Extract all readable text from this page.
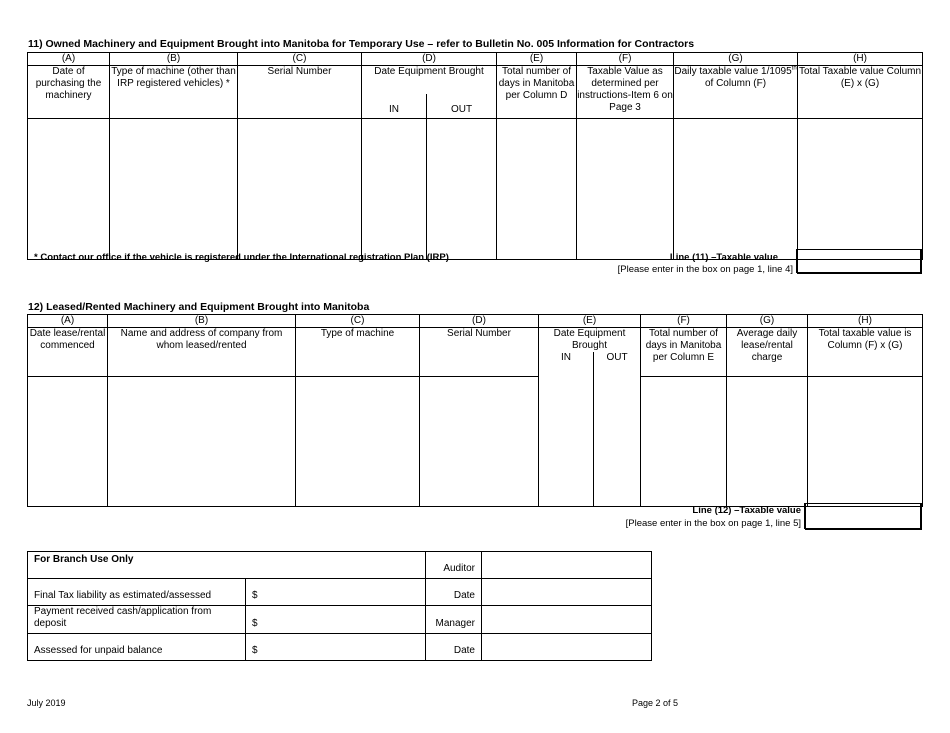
11) Owned Machinery and Equipment Brought into Manitoba for Temporary Use – refer to Bulletin No. 005 Information for Contractors
(A)	(B)	(C)	(D)		(E)	(F)	(G)	(H)
Date of purchasing the machinery	Type of machine (other than IRP registered vehicles) *	Serial Number	Date Equipment Brought		Total number of days in Manitoba per Column D	Taxable Value as determined per instructions-Item 6 on Page 3	Daily taxable value 1/1095th of Column (F)	Total Taxable value Column (E) x (G)
			IN	OUT				

* Contact our office if the vehicle is registered under the International registration Plan (IRP)	Line (11) –Taxable value
[Please enter in the box on page 1, line 4]
12) Leased/Rented Machinery and Equipment Brought into Manitoba
(A)	(B)	(C)	(D)	(E)		(F)	(G)	(H)
Date lease/rental commenced	Name and address of company from whom leased/rented	Type of machine	Serial Number	Date Equipment Brought		Total number of days in Manitoba per Column E	Average daily lease/rental charge	Total taxable value is Column (F) x (G)
				IN	OUT			

Line (12) –Taxable value
[Please enter in the box on page 1, line 5]
For Branch Use Only		Auditor	
Final Tax liability as estimated/assessed	$	Date	
Payment received cash/application from deposit	$	Manager	
Assessed for unpaid balance	$	Date	
July 2019	Page 2 of 5
